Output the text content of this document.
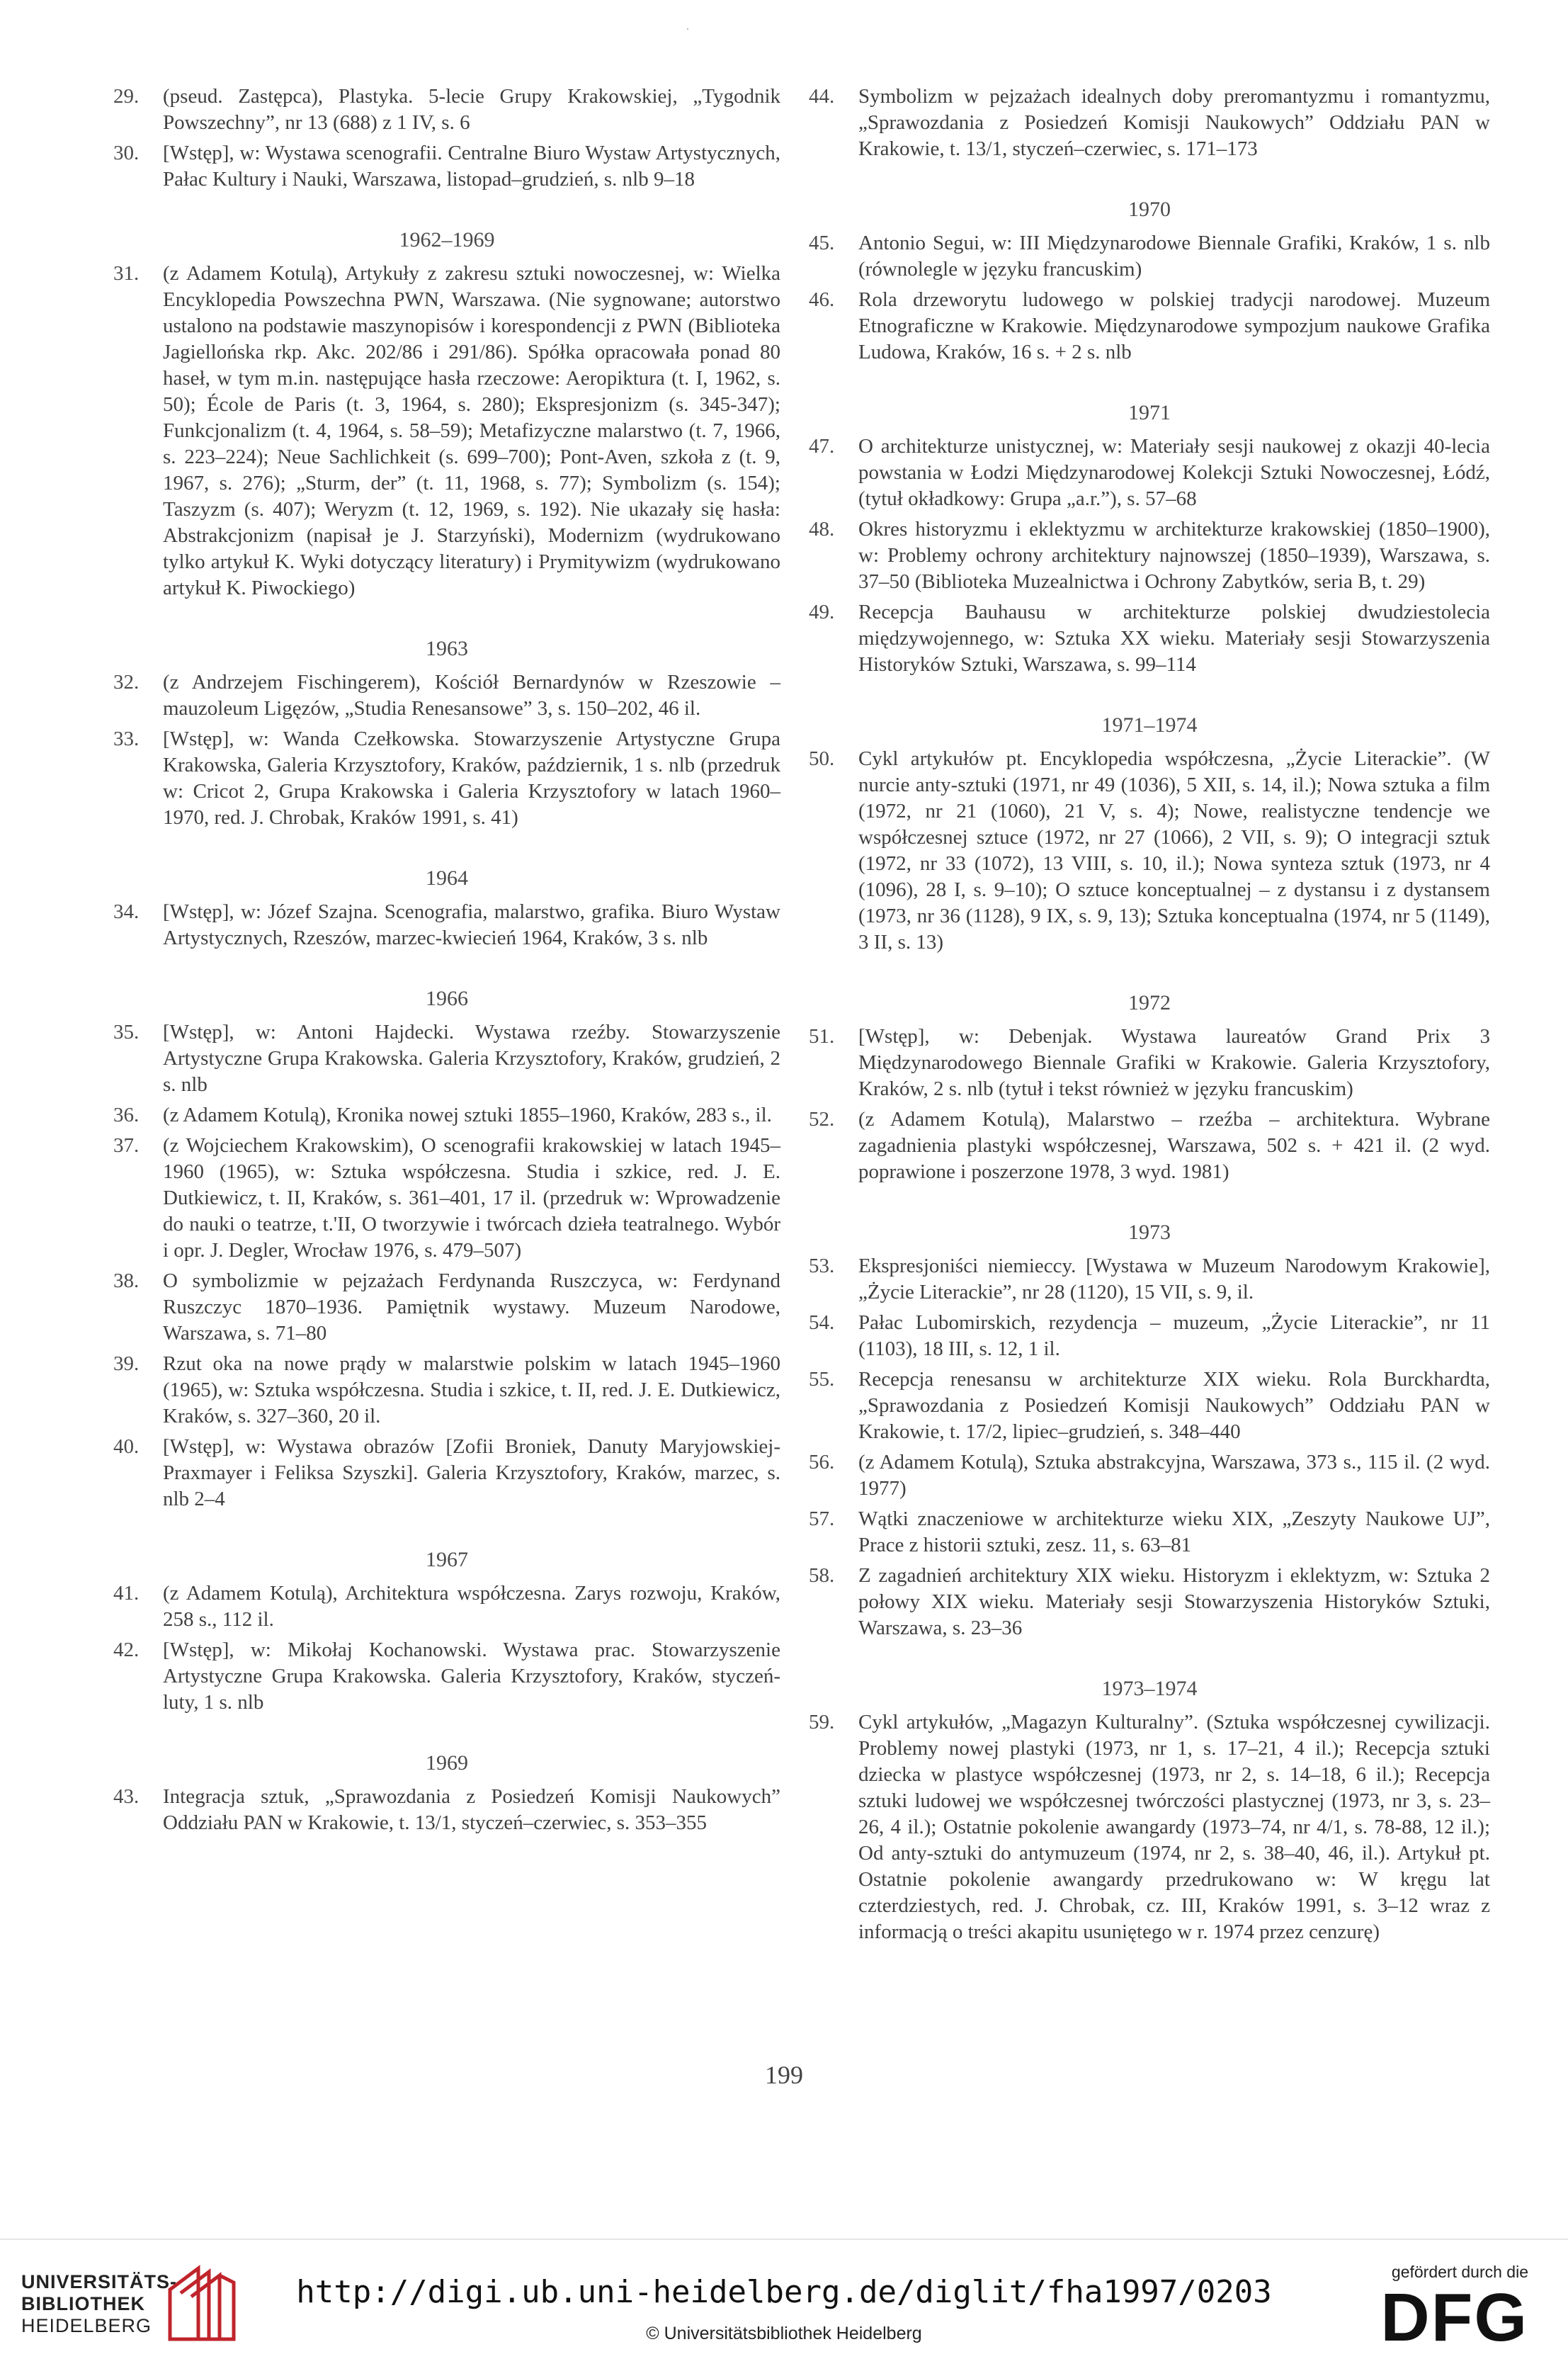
29.	(pseud. Zastępca), Plastyka. 5-lecie Grupy Krakowskiej, „Tygodnik Powszechny”, nr 13 (688) z 1 IV, s. 6

30.	[Wstęp], w: Wystawa scenografii. Centralne Biuro Wystaw Artystycznych, Pałac Kultury i Nauki, Warszawa, listopad–grudzień, s. nlb 9–18

1962–1969
31.	(z Adamem Kotulą), Artykuły z zakresu sztuki nowoczesnej, w: Wielka Encyklopedia Powszechna PWN, Warszawa. (Nie sygnowane; autorstwo ustalono na podstawie maszynopisów i korespondencji z PWN (Biblioteka Jagiellońska rkp. Akc. 202/86 i 291/86). Spółka opracowała ponad 80 haseł, w tym m.in. następujące hasła rzeczowe: Aeropiktura (t. I, 1962, s. 50); École de Paris (t. 3, 1964, s. 280); Ekspresjonizm (s. 345-347); Funkcjonalizm (t. 4, 1964, s. 58–59); Metafizyczne malarstwo (t. 7, 1966, s. 223–224); Neue Sachlichkeit (s. 699–700); Pont-Aven, szkoła z (t. 9, 1967, s. 276); „Sturm, der” (t. 11, 1968, s. 77); Symbolizm (s. 154); Taszyzm (s. 407); Weryzm (t. 12, 1969, s. 192). Nie ukazały się hasła: Abstrakcjonizm (napisał je J. Starzyński), Modernizm (wydrukowano tylko artykuł K. Wyki dotyczący literatury) i Prymitywizm (wydrukowano artykuł K. Piwockiego)

1963
32.	(z Andrzejem Fischingerem), Kościół Bernardynów w Rzeszowie – mauzoleum Ligęzów, „Studia Renesansowe” 3, s. 150–202, 46 il.

33.	[Wstęp], w: Wanda Czełkowska. Stowarzyszenie Artystyczne Grupa Krakowska, Galeria Krzysztofory, Kraków, październik, 1 s. nlb (przedruk w: Cricot 2, Grupa Krakowska i Galeria Krzysztofory w latach 1960–1970, red. J. Chrobak, Kraków 1991, s. 41)

1964
34.	[Wstęp], w: Józef Szajna. Scenografia, malarstwo, grafika. Biuro Wystaw Artystycznych, Rzeszów, marzec-kwiecień 1964, Kraków, 3 s. nlb

1966
35.	[Wstęp], w: Antoni Hajdecki. Wystawa rzeźby. Stowarzyszenie Artystyczne Grupa Krakowska. Galeria Krzysztofory, Kraków, grudzień, 2 s. nlb

36.	(z Adamem Kotulą), Kronika nowej sztuki 1855–1960, Kraków, 283 s., il.

37.	(z Wojciechem Krakowskim), O scenografii krakowskiej w latach 1945–1960 (1965), w: Sztuka współczesna. Studia i szkice, red. J. E. Dutkiewicz, t. II, Kraków, s. 361–401, 17 il. (przedruk w: Wprowadzenie do nauki o teatrze, t.'II, O tworzywie i twórcach dzieła teatralnego. Wybór i opr. J. Degler, Wrocław 1976, s. 479–507)

38.	O symbolizmie w pejzażach Ferdynanda Ruszczyca, w: Ferdynand Ruszczyc 1870–1936. Pamiętnik wystawy. Muzeum Narodowe, Warszawa, s. 71–80

39.	Rzut oka na nowe prądy w malarstwie polskim w latach 1945–1960 (1965), w: Sztuka współczesna. Studia i szkice, t. II, red. J. E. Dutkiewicz, Kraków, s. 327–360, 20 il.

40.	[Wstęp], w: Wystawa obrazów [Zofii Broniek, Danuty Maryjowskiej-Praxmayer i Feliksa Szyszki]. Galeria Krzysztofory, Kraków, marzec, s. nlb 2–4

1967
41.	(z Adamem Kotulą), Architektura współczesna. Zarys rozwoju, Kraków, 258 s., 112 il.

42.	[Wstęp], w: Mikołaj Kochanowski. Wystawa prac. Stowarzyszenie Artystyczne Grupa Krakowska. Galeria Krzysztofory, Kraków, styczeń-luty, 1 s. nlb

1969
43.	Integracja sztuk, „Sprawozdania z Posiedzeń Komisji Naukowych” Oddziału PAN w Krakowie, t. 13/1, styczeń–czerwiec, s. 353–355

44.	Symbolizm w pejzażach idealnych doby preromantyzmu i romantyzmu, „Sprawozdania z Posiedzeń Komisji Naukowych” Oddziału PAN w Krakowie, t. 13/1, styczeń–czerwiec, s. 171–173

1970
45.	Antonio Segui, w: III Międzynarodowe Biennale Grafiki, Kraków, 1 s. nlb (równolegle w języku francuskim)

46.	Rola drzeworytu ludowego w polskiej tradycji narodowej. Muzeum Etnograficzne w Krakowie. Międzynarodowe sympozjum naukowe Grafika Ludowa, Kraków, 16 s. + 2 s. nlb

1971
47.	O architekturze unistycznej, w: Materiały sesji naukowej z okazji 40-lecia powstania w Łodzi Międzynarodowej Kolekcji Sztuki Nowoczesnej, Łódź, (tytuł okładkowy: Grupa „a.r.”), s. 57–68

48.	Okres historyzmu i eklektyzmu w architekturze krakowskiej (1850–1900), w: Problemy ochrony architektury najnowszej (1850–1939), Warszawa, s. 37–50 (Biblioteka Muzealnictwa i Ochrony Zabytków, seria B, t. 29)

49.	Recepcja Bauhausu w architekturze polskiej dwudziestolecia międzywojennego, w: Sztuka XX wieku. Materiały sesji Stowarzyszenia Historyków Sztuki, Warszawa, s. 99–114

1971–1974
50.	Cykl artykułów pt. Encyklopedia współczesna, „Życie Literackie”. (W nurcie anty-sztuki (1971, nr 49 (1036), 5 XII, s. 14, il.); Nowa sztuka a film (1972, nr 21 (1060), 21 V, s. 4); Nowe, realistyczne tendencje we współczesnej sztuce (1972, nr 27 (1066), 2 VII, s. 9); O integracji sztuk (1972, nr 33 (1072), 13 VIII, s. 10, il.); Nowa synteza sztuk (1973, nr 4 (1096), 28 I, s. 9–10); O sztuce konceptualnej – z dystansu i z dystansem (1973, nr 36 (1128), 9 IX, s. 9, 13); Sztuka konceptualna (1974, nr 5 (1149), 3 II, s. 13)

1972
51.	[Wstęp], w: Debenjak. Wystawa laureatów Grand Prix 3 Międzynarodowego Biennale Grafiki w Krakowie. Galeria Krzysztofory, Kraków, 2 s. nlb (tytuł i tekst również w języku francuskim)

52.	(z Adamem Kotulą), Malarstwo – rzeźba – architektura. Wybrane zagadnienia plastyki współczesnej, Warszawa, 502 s. + 421 il. (2 wyd. poprawione i poszerzone 1978, 3 wyd. 1981)

1973
53.	Ekspresjoniści niemieccy. [Wystawa w Muzeum Narodowym Krakowie], „Życie Literackie”, nr 28 (1120), 15 VII, s. 9, il.

54.	Pałac Lubomirskich, rezydencja – muzeum, „Życie Literackie”, nr 11 (1103), 18 III, s. 12, 1 il.

55.	Recepcja renesansu w architekturze XIX wieku. Rola Burckhardta, „Sprawozdania z Posiedzeń Komisji Naukowych” Oddziału PAN w Krakowie, t. 17/2, lipiec–grudzień, s. 348–440

56.	(z Adamem Kotulą), Sztuka abstrakcyjna, Warszawa, 373 s., 115 il. (2 wyd. 1977)

57.	Wątki znaczeniowe w architekturze wieku XIX, „Zeszyty Naukowe UJ”, Prace z historii sztuki, zesz. 11, s. 63–81

58.	Z zagadnień architektury XIX wieku. Historyzm i eklektyzm, w: Sztuka 2 połowy XIX wieku. Materiały sesji Stowarzyszenia Historyków Sztuki, Warszawa, s. 23–36

1973–1974
59.	Cykl artykułów, „Magazyn Kulturalny”. (Sztuka współczesnej cywilizacji. Problemy nowej plastyki (1973, nr 1, s. 17–21, 4 il.); Recepcja sztuki dziecka w plastyce współczesnej (1973, nr 2, s. 14–18, 6 il.); Recepcja sztuki ludowej we współczesnej twórczości plastycznej (1973, nr 3, s. 23–26, 4 il.); Ostatnie pokolenie awangardy (1973–74, nr 4/1, s. 78-88, 12 il.); Od anty-sztuki do antymuzeum (1974, nr 2, s. 38–40, 46, il.). Artykuł pt. Ostatnie pokolenie awangardy przedrukowano w: W kręgu lat czterdziestych, red. J. Chrobak, cz. III, Kraków 1991, s. 3–12 wraz z informacją o treści akapitu usuniętego w r. 1974 przez cenzurę)

199
UNIVERSITÄTS-
BIBLIOTHEK
HEIDELBERG
http://digi.ub.uni-heidelberg.de/diglit/fha1997/0203
© Universitätsbibliothek Heidelberg
gefördert durch die
DFG
